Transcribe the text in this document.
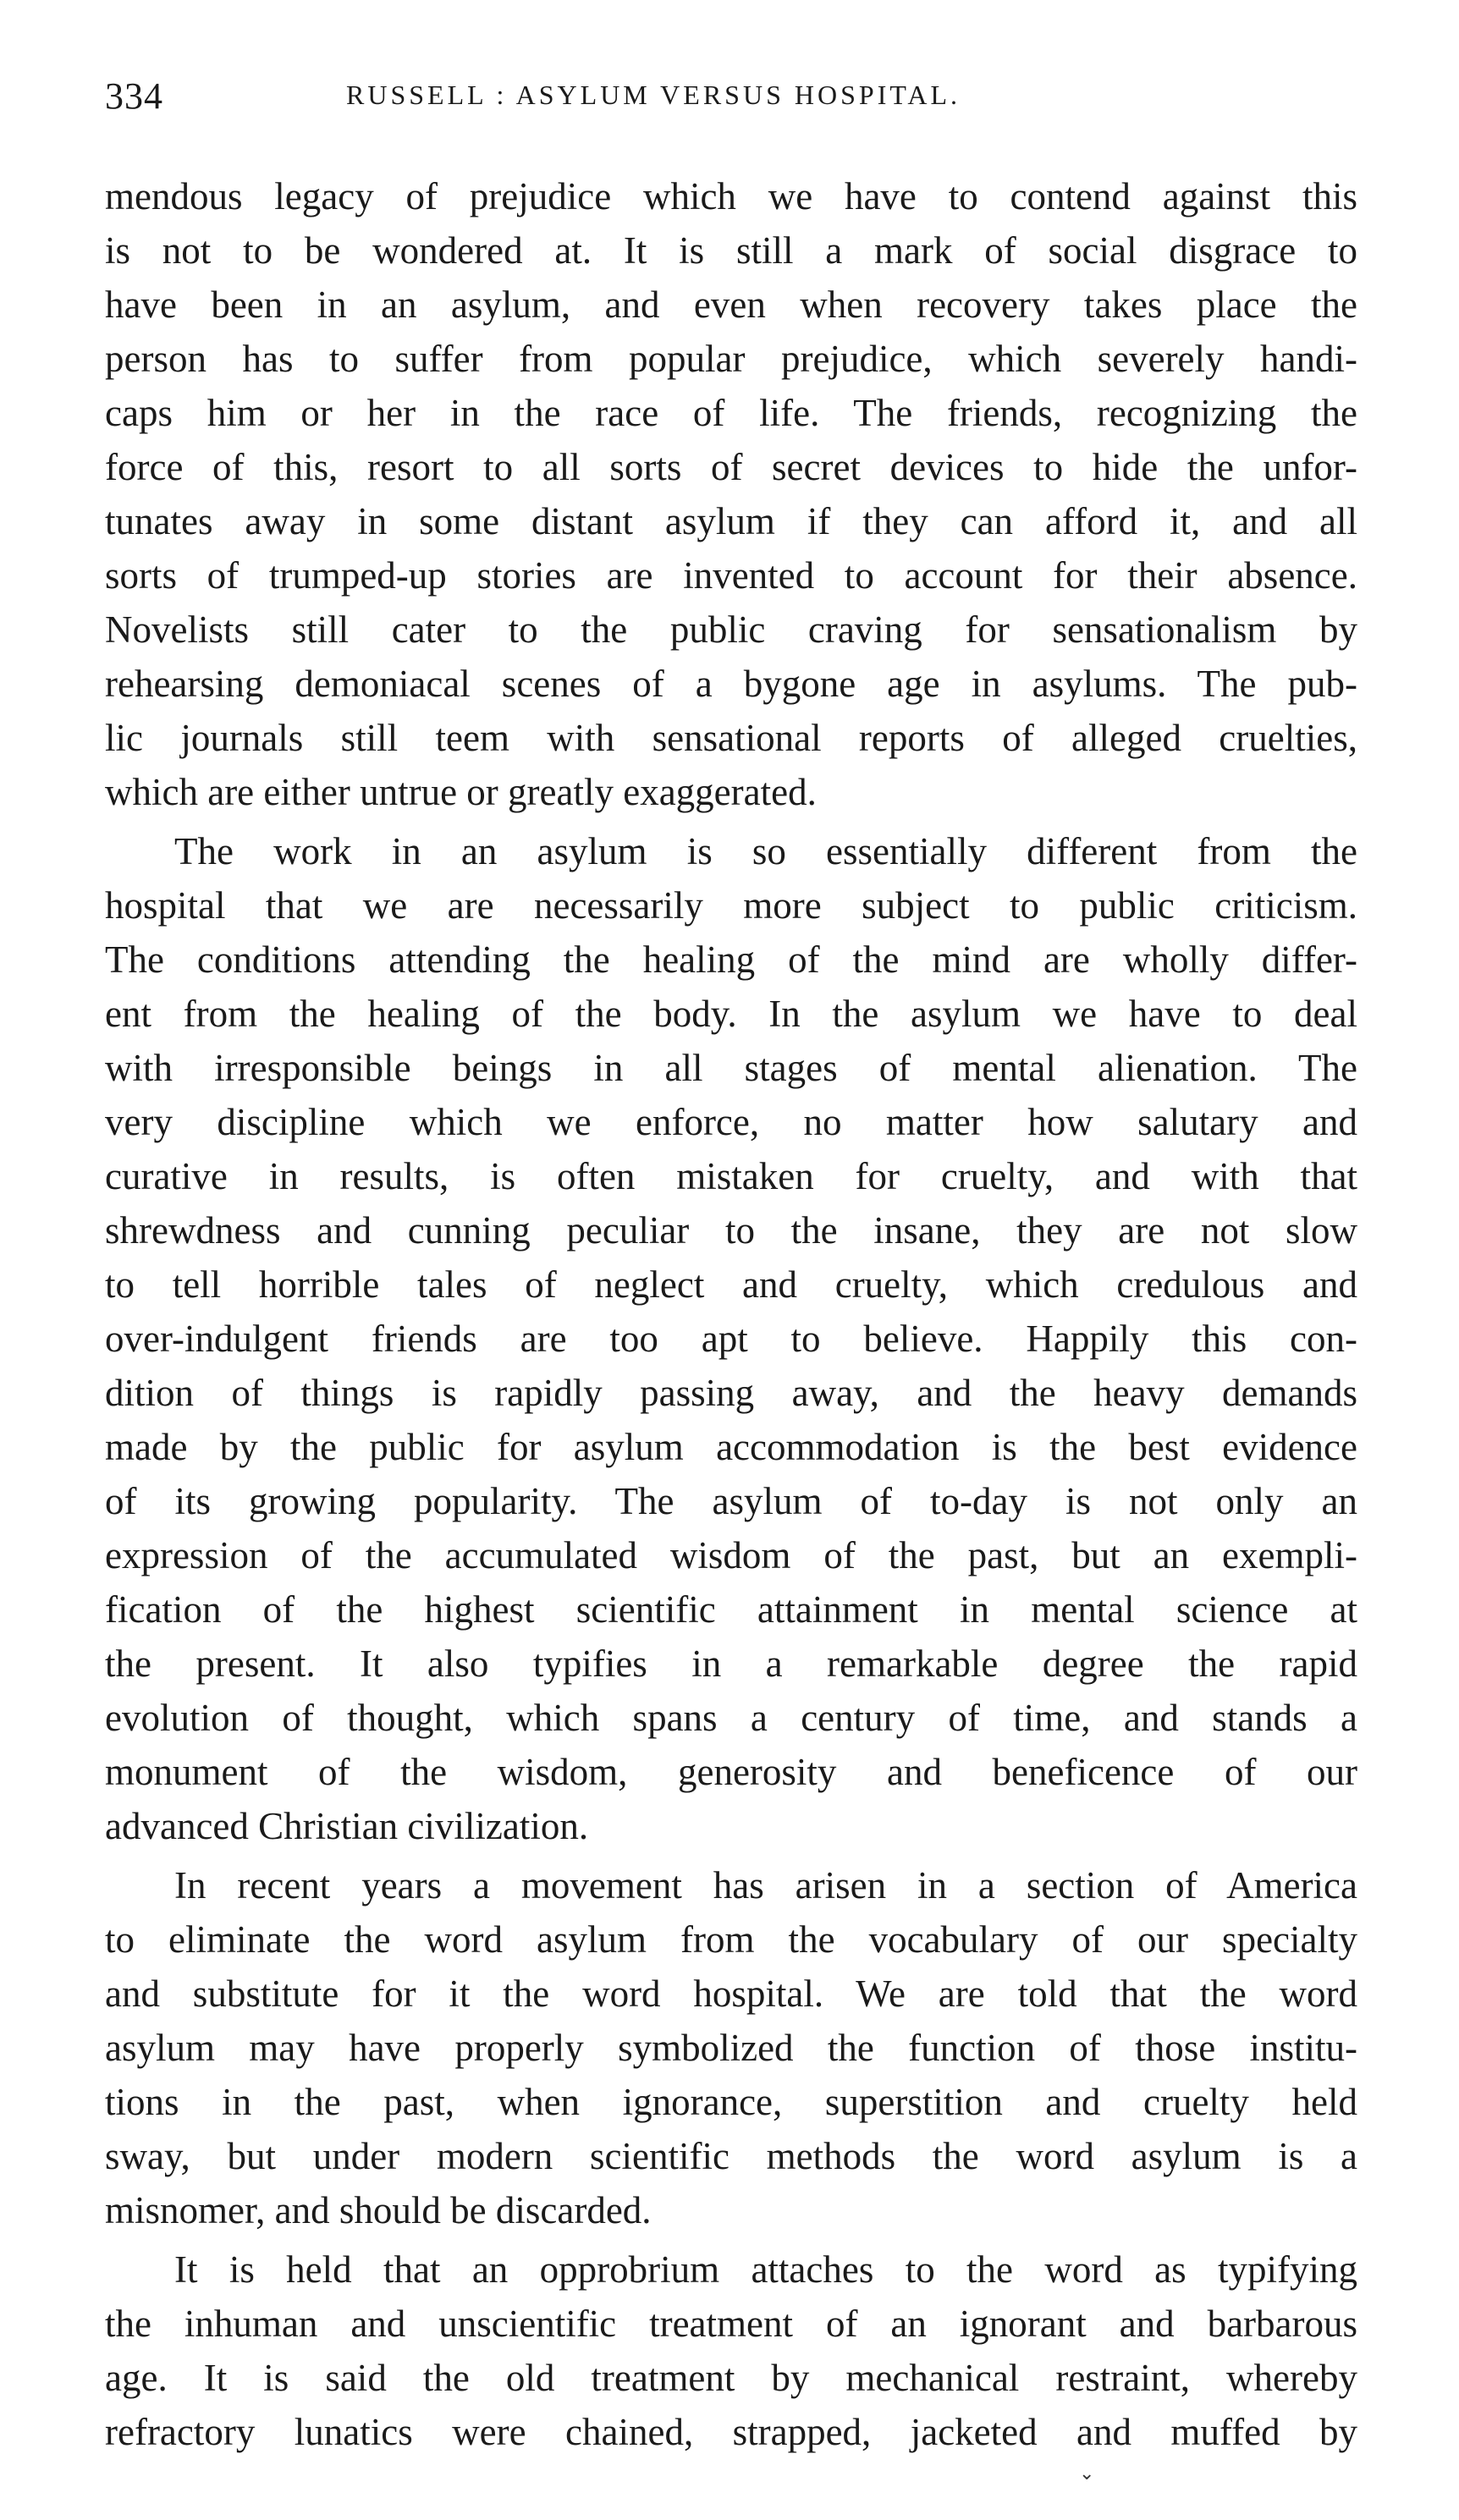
334	RUSSELL : ASYLUM VERSUS HOSPITAL.
mendous legacy of prejudice which we have to contend against this
is not to be wondered at. It is still a mark of social disgrace to
have been in an asylum, and even when recovery takes place the
person has to suffer from popular prejudice, which severely handi-
caps him or her in the race of life. The friends, recognizing the
force of this, resort to all sorts of secret devices to hide the unfor-
tunates away in some distant asylum if they can afford it, and all
sorts of trumped-up stories are invented to account for their absence.
Novelists still cater to the public craving for sensationalism by
rehearsing demoniacal scenes of a bygone age in asylums. The pub-
lic journals still teem with sensational reports of alleged cruelties,
which are either untrue or greatly exaggerated.
The work in an asylum is so essentially different from the
hospital that we are necessarily more subject to public criticism.
The conditions attending the healing of the mind are wholly differ-
ent from the healing of the body. In the asylum we have to deal
with irresponsible beings in all stages of mental alienation. The
very discipline which we enforce, no matter how salutary and
curative in results, is often mistaken for cruelty, and with that
shrewdness and cunning peculiar to the insane, they are not slow
to tell horrible tales of neglect and cruelty, which credulous and
over-indulgent friends are too apt to believe. Happily this con-
dition of things is rapidly passing away, and the heavy demands
made by the public for asylum accommodation is the best evidence
of its growing popularity. The asylum of to-day is not only an
expression of the accumulated wisdom of the past, but an exempli-
fication of the highest scientific attainment in mental science at
the present. It also typifies in a remarkable degree the rapid
evolution of thought, which spans a century of time, and stands a
monument of the wisdom, generosity and beneficence of our
advanced Christian civilization.
In recent years a movement has arisen in a section of America
to eliminate the word asylum from the vocabulary of our specialty
and substitute for it the word hospital. We are told that the word
asylum may have properly symbolized the function of those institu-
tions in the past, when ignorance, superstition and cruelty held
sway, but under modern scientific methods the word asylum is a
misnomer, and should be discarded.
It is held that an opprobrium attaches to the word as typifying
the inhuman and unscientific treatment of an ignorant and barbarous
age. It is said the old treatment by mechanical restraint, whereby
refractory lunatics were chained, strapped, jacketed and muffed by
⌄
